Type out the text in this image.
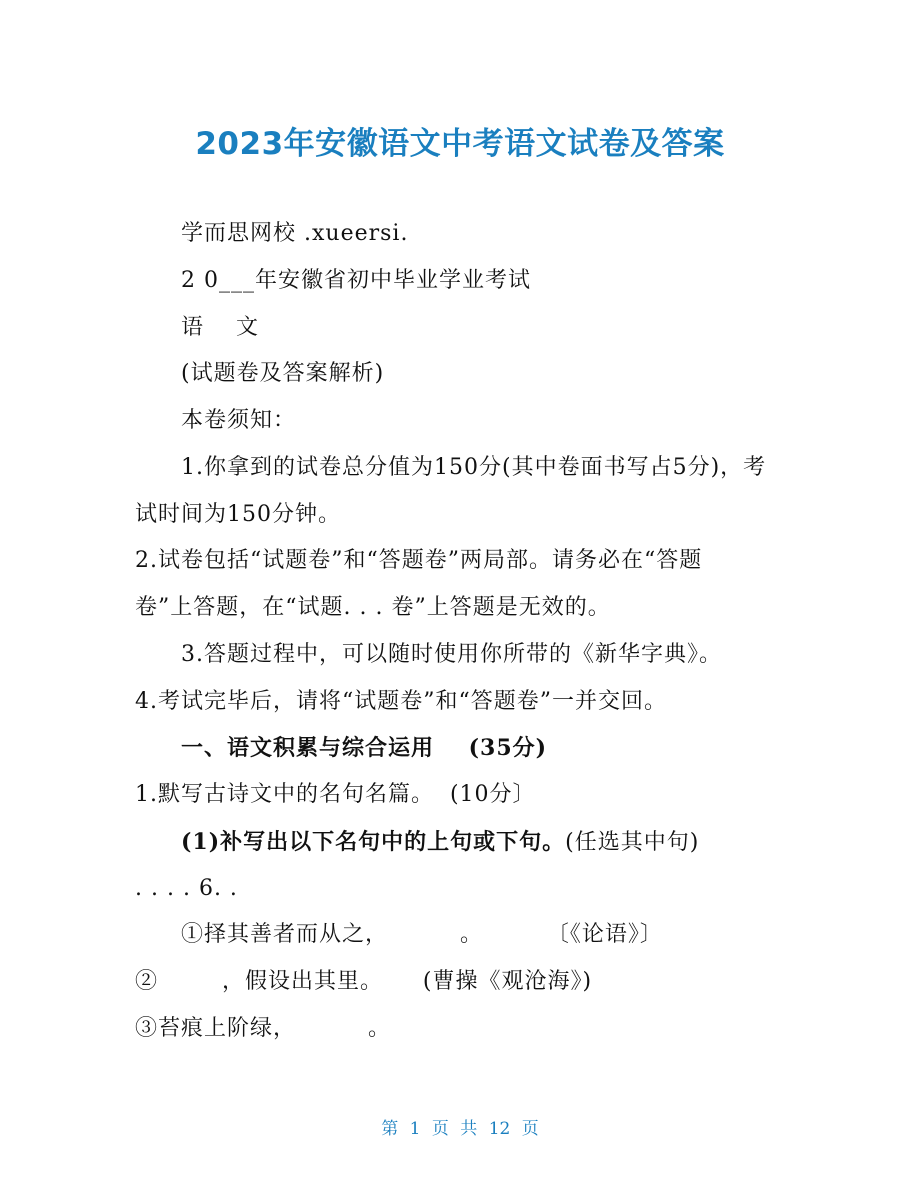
2023年安徽语文中考语文试卷及答案
学而思网校 .xueersi.
2 0___年安徽省初中毕业学业考试
语    文
(试题卷及答案解析)
本卷须知：
1.你拿到的试卷总分值为150分(其中卷面书写占5分)，考
试时间为150分钟。
2.试卷包括“试题卷”和“答题卷”两局部。请务必在“答题
卷”上答题，在“试题. . . 卷”上答题是无效的。
3.答题过程中，可以随时使用你所带的《新华字典》。
4.考试完毕后，请将“试题卷”和“答题卷”一并交回。
一、语文积累与综合运用    (35分)
1.默写古诗文中的名句名篇。  (10分〕
(1)补写出以下名句中的上句或下句。(任选其中句)
. . . . 6. .
①择其善者而从之，         。        〔《论语》〕
②        ，假设出其里。     (曹操《观沧海》)
③苔痕上阶绿，         。
第 1 页 共 12 页
